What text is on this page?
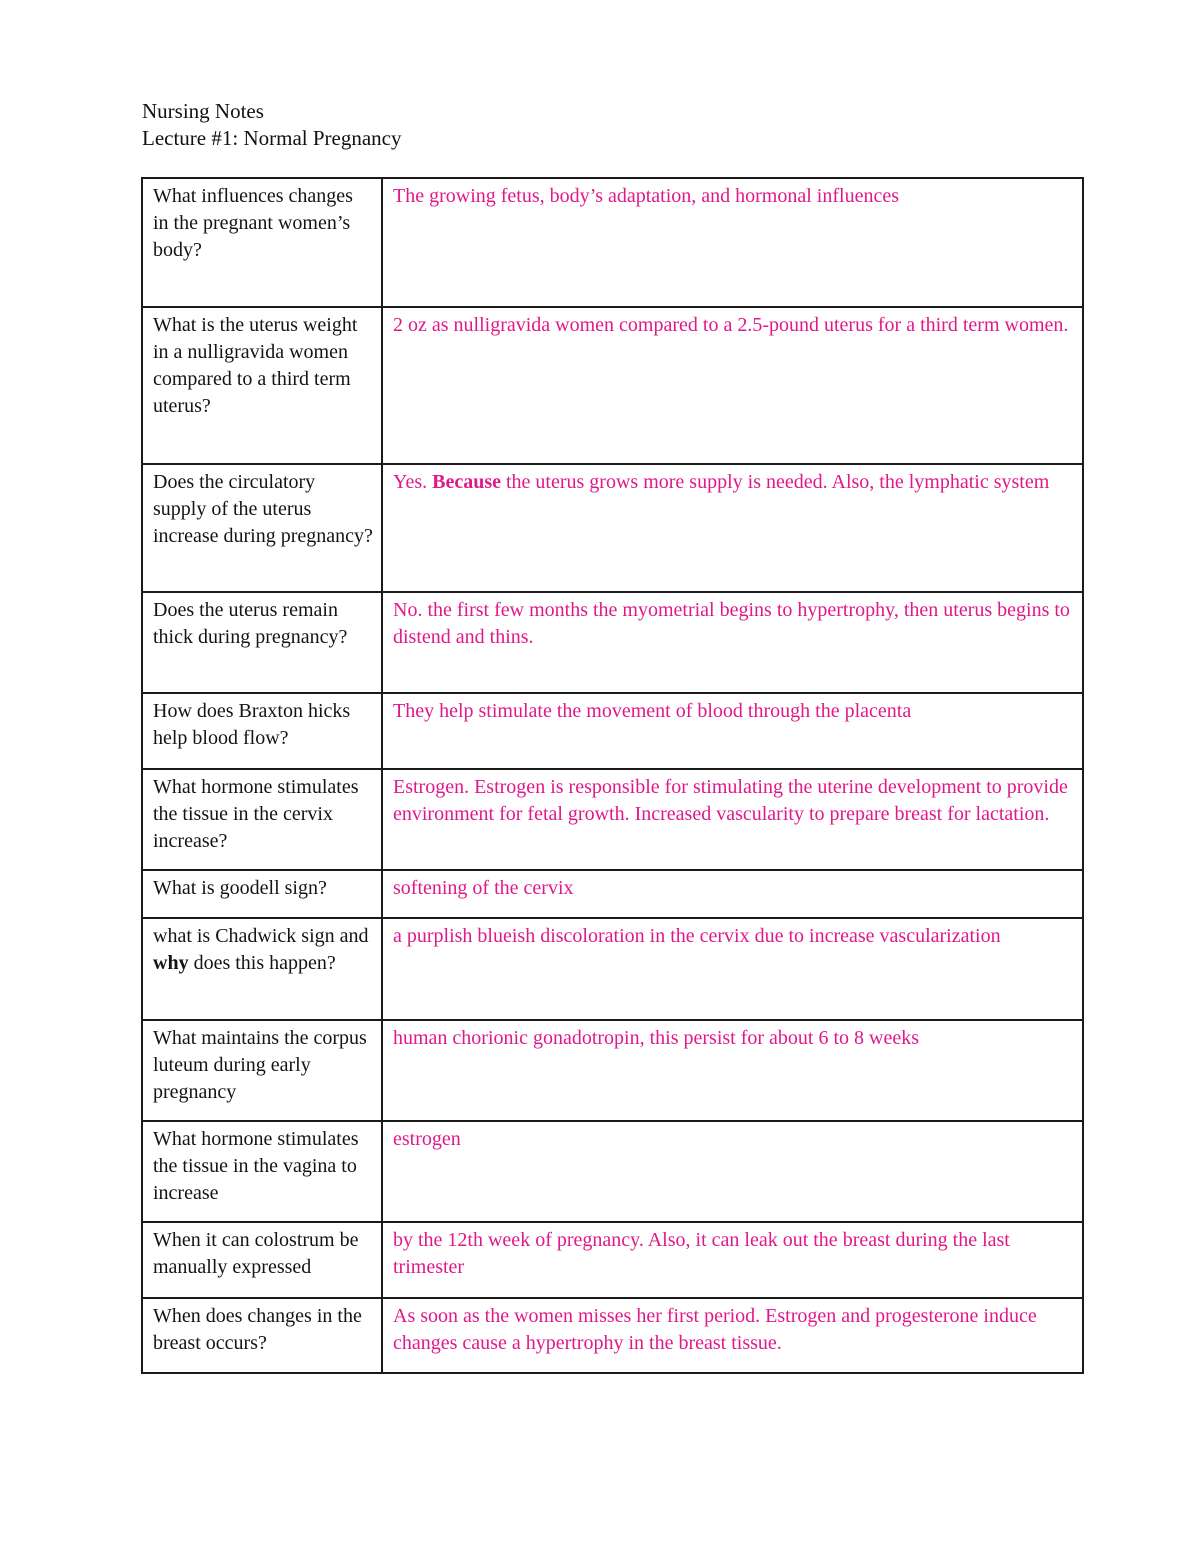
Nursing Notes
Lecture #1: Normal Pregnancy
What influences changes in the pregnant women’s body?	The growing fetus, body’s adaptation, and hormonal influences
What is the uterus weight in a nulligravida women compared to a third term uterus?	2 oz as nulligravida women compared to a 2.5-pound uterus for a third term women.
Does the circulatory supply of the uterus increase during pregnancy?	Yes. Because the uterus grows more supply is needed. Also, the lymphatic system
Does the uterus remain thick during pregnancy?	No. the first few months the myometrial begins to hypertrophy, then uterus begins to distend and thins.
How does Braxton hicks help blood flow?	They help stimulate the movement of blood through the placenta
What hormone stimulates the tissue in the cervix increase?	Estrogen. Estrogen is responsible for stimulating the uterine development to provide environment for fetal growth. Increased vascularity to prepare breast for lactation.
What is goodell sign?	softening of the cervix
what is Chadwick sign and why does this happen?	a purplish blueish discoloration in the cervix due to increase vascularization
What maintains the corpus luteum during early pregnancy	human chorionic gonadotropin, this persist for about 6 to 8 weeks
What hormone stimulates the tissue in the vagina to increase	estrogen
When it can colostrum be manually expressed	by the 12th week of pregnancy. Also, it can leak out the breast during the last trimester
When does changes in the breast occurs?	As soon as the women misses her first period. Estrogen and progesterone induce changes cause a hypertrophy in the breast tissue.
